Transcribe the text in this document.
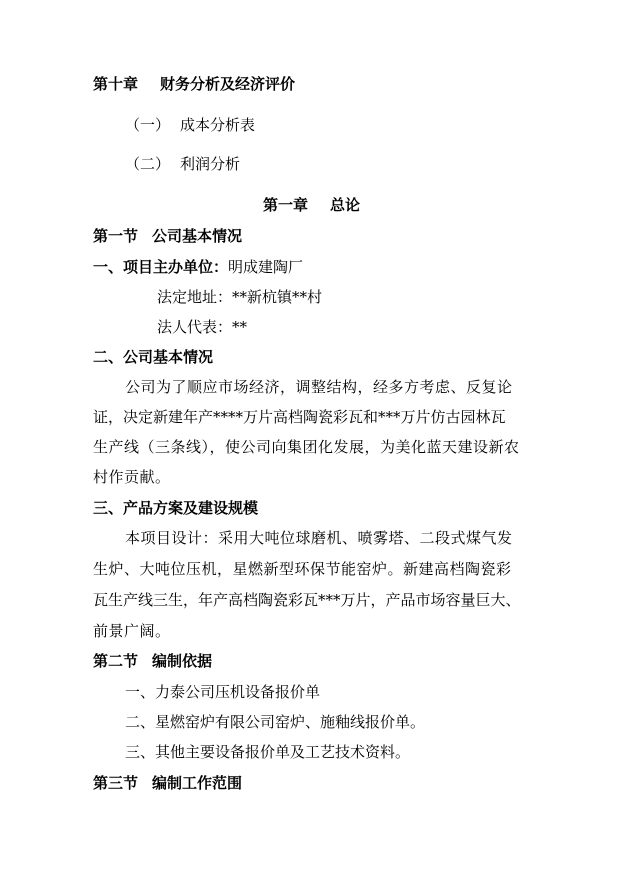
第十章 财务分析及经济评价
（一） 成本分析表
（二） 利润分析
第一章 总论
第一节 公司基本情况
一、项目主办单位：明成建陶厂
法定地址：**新杭镇**村
法人代表：**
二、公司基本情况
公司为了顺应市场经济，调整结构，经多方考虑、反复论
证，决定新建年产****万片高档陶瓷彩瓦和***万片仿古园林瓦
生产线（三条线），使公司向集团化发展，为美化蓝天建设新农
村作贡献。
三、产品方案及建设规模
本项目设计：采用大吨位球磨机、喷雾塔、二段式煤气发
生炉、大吨位压机，星燃新型环保节能窑炉。新建高档陶瓷彩
瓦生产线三生，年产高档陶瓷彩瓦***万片，产品市场容量巨大、
前景广阔。
第二节 编制依据
一、力泰公司压机设备报价单
二、星燃窑炉有限公司窑炉、施釉线报价单。
三、其他主要设备报价单及工艺技术资料。
第三节 编制工作范围
